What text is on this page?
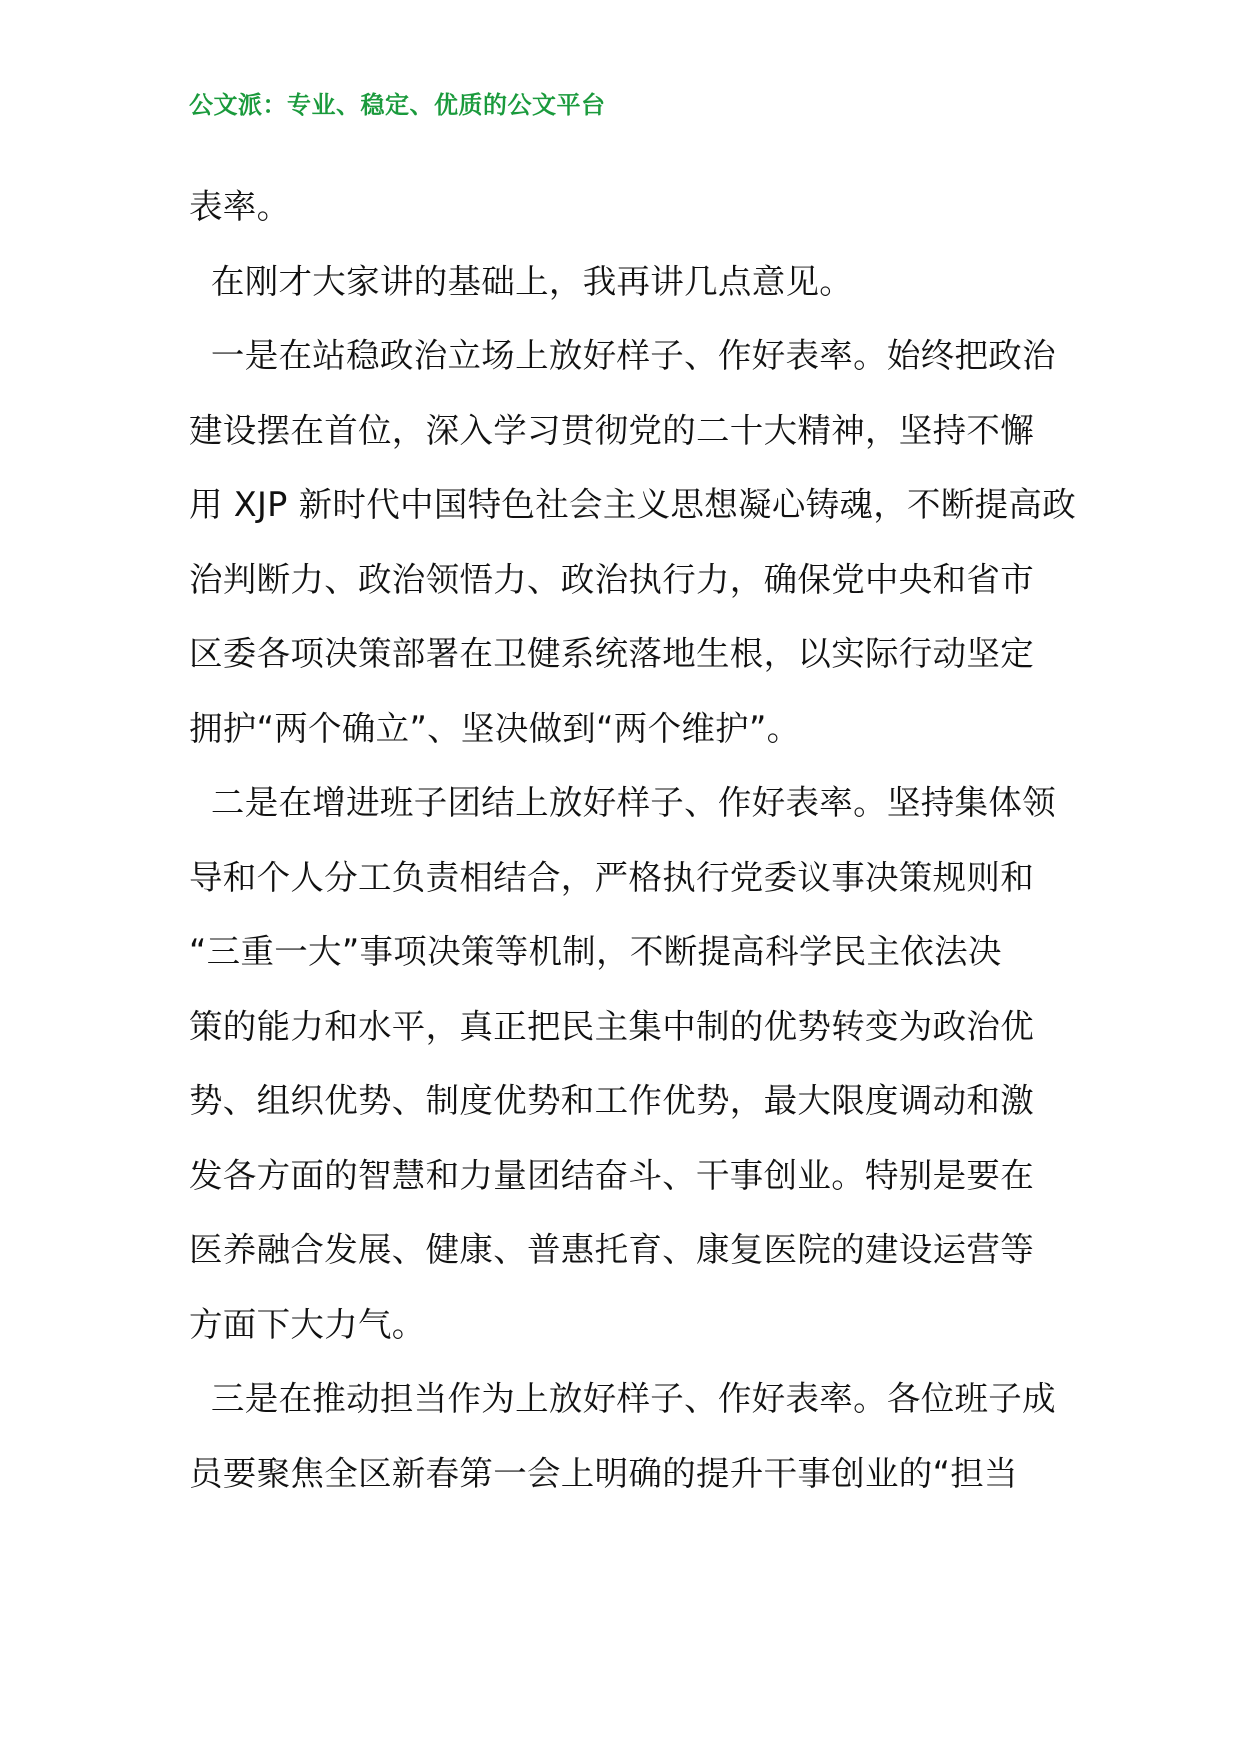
公文派：专业、稳定、优质的公文平台
表率。
在刚才大家讲的基础上，我再讲几点意见。
一是在站稳政治立场上放好样子、作好表率。始终把政治
建设摆在首位，深入学习贯彻党的二十大精神，坚持不懈
用 XJP 新时代中国特色社会主义思想凝心铸魂，不断提高政
治判断力、政治领悟力、政治执行力，确保党中央和省市
区委各项决策部署在卫健系统落地生根，以实际行动坚定
拥护“两个确立”、坚决做到“两个维护”。
二是在增进班子团结上放好样子、作好表率。坚持集体领
导和个人分工负责相结合，严格执行党委议事决策规则和
“三重一大”事项决策等机制，不断提高科学民主依法决
策的能力和水平，真正把民主集中制的优势转变为政治优
势、组织优势、制度优势和工作优势，最大限度调动和激
发各方面的智慧和力量团结奋斗、干事创业。特别是要在
医养融合发展、健康、普惠托育、康复医院的建设运营等
方面下大力气。
三是在推动担当作为上放好样子、作好表率。各位班子成
员要聚焦全区新春第一会上明确的提升干事创业的“担当
